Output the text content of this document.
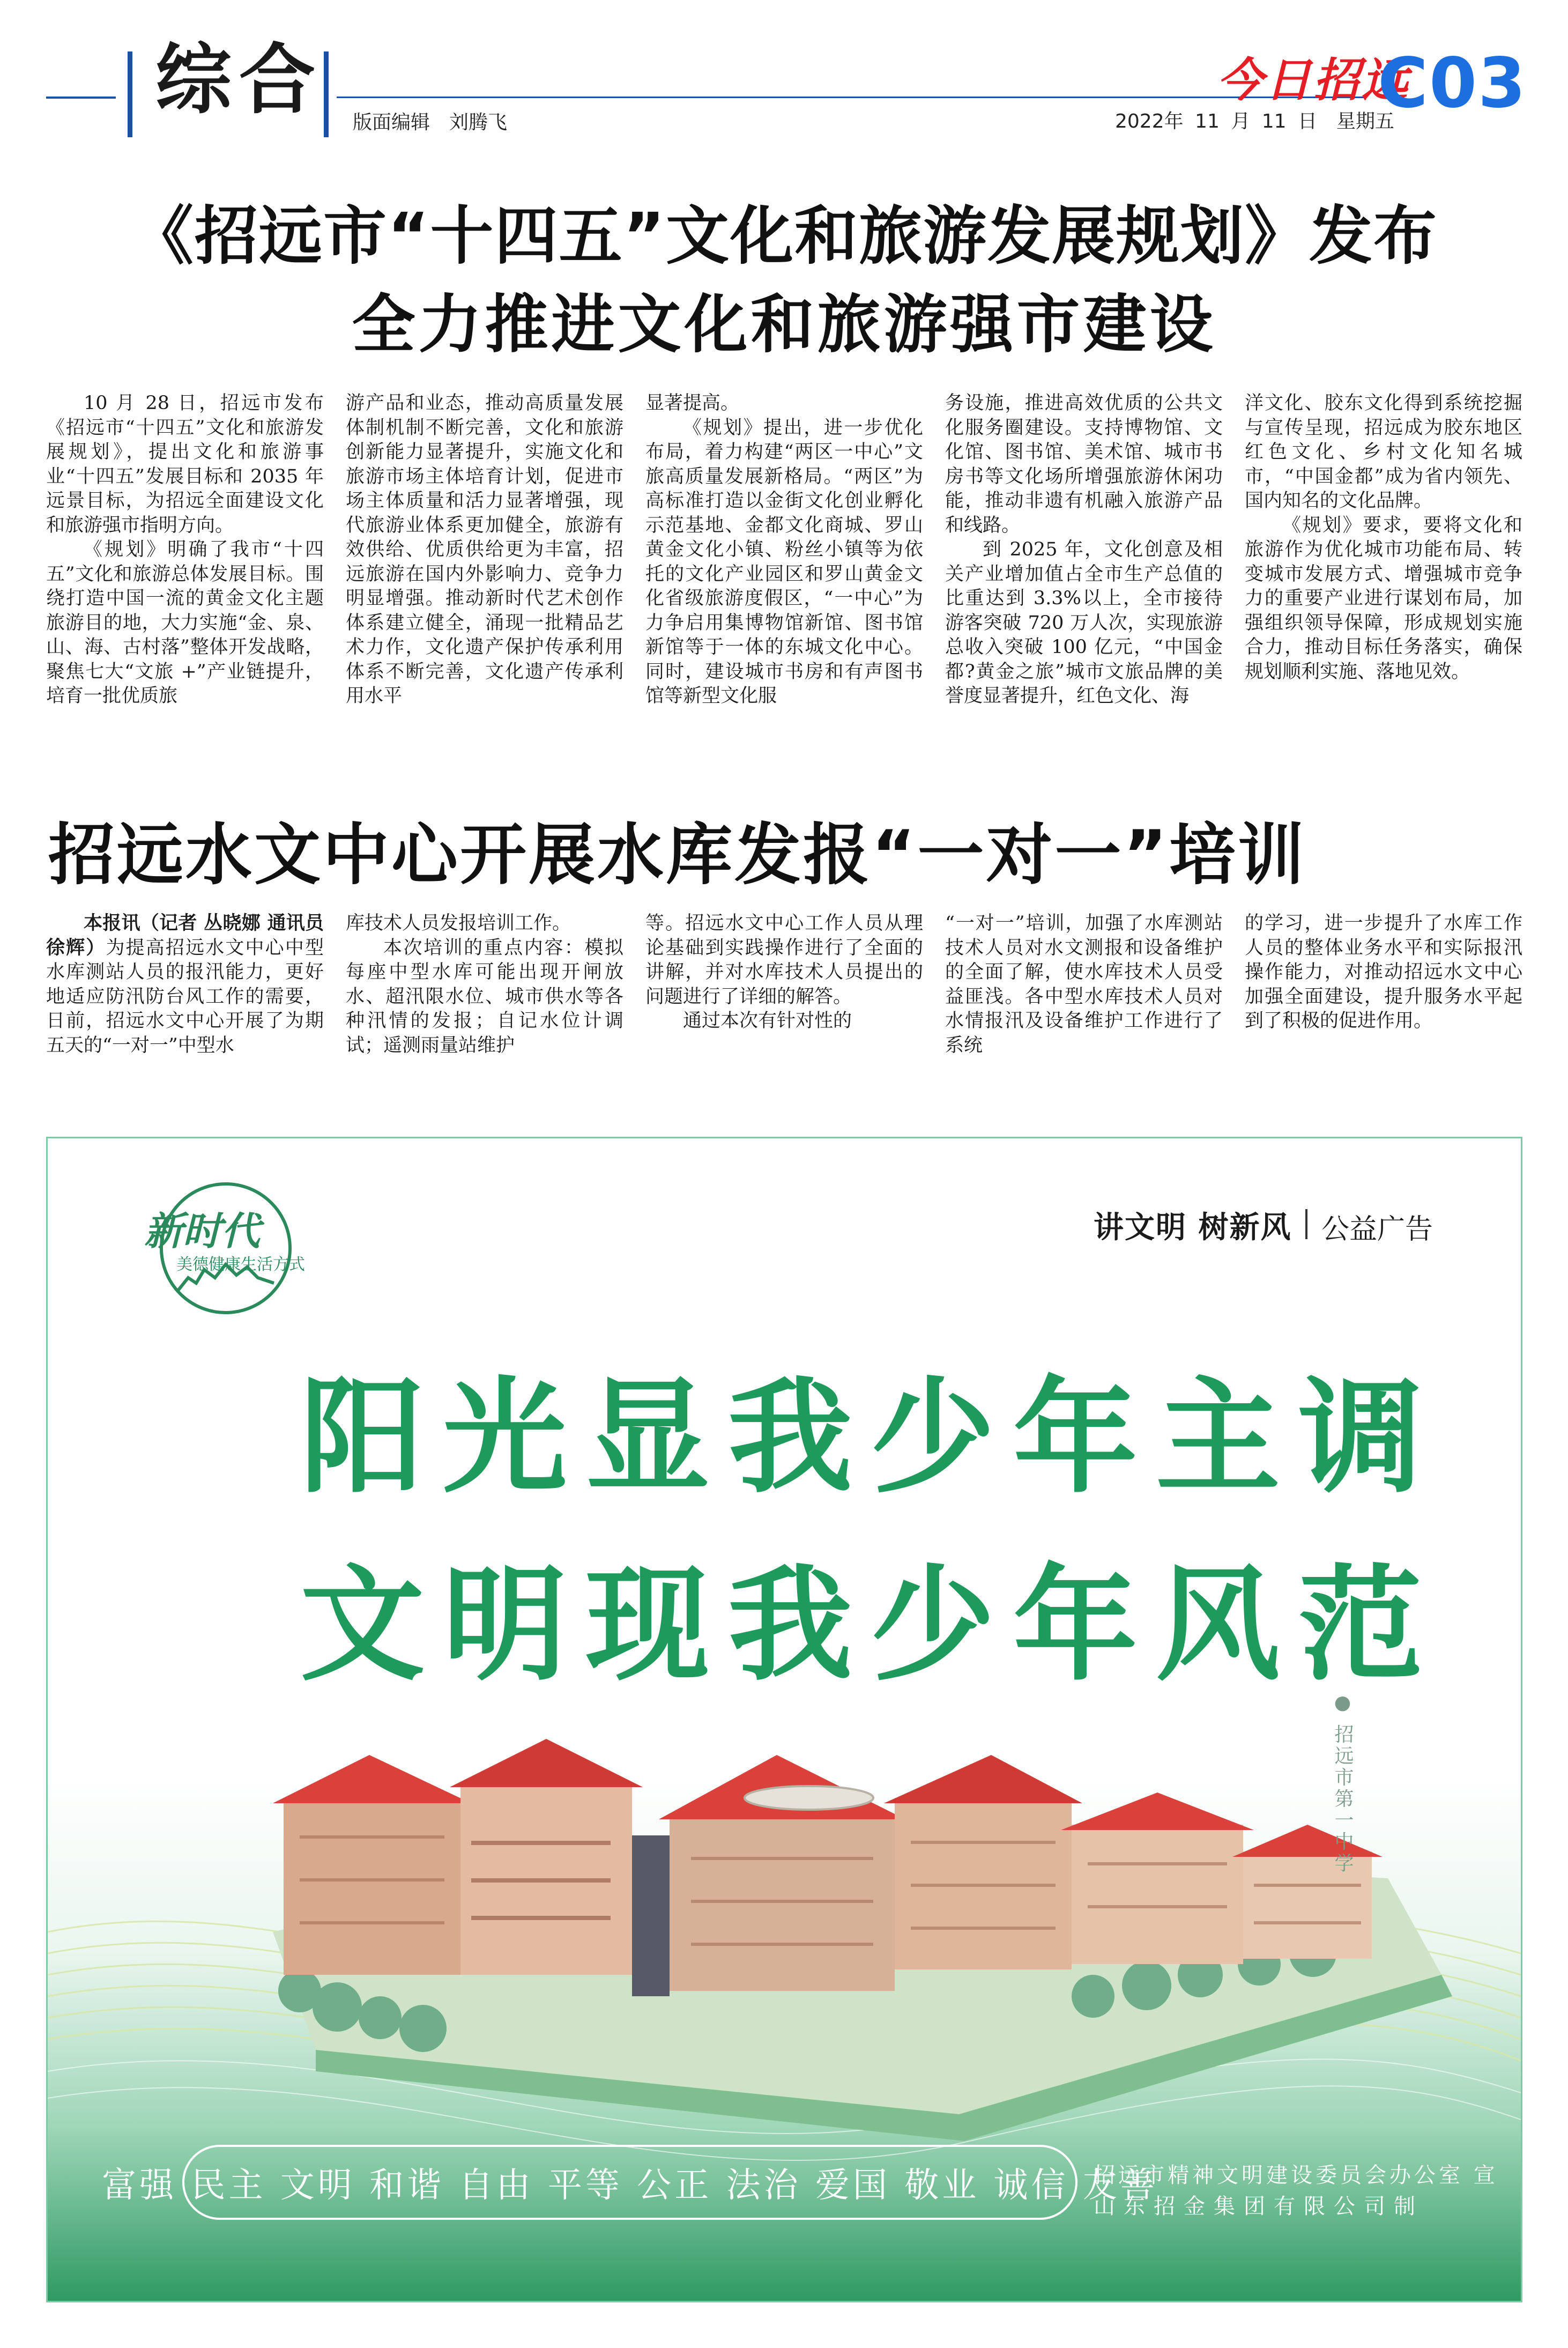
综合 版面编辑　刘腾飞
今日招远
C03
2022年 11 月 11 日　星期五
《招远市“十四五”文化和旅游发展规划》发布
全力推进文化和旅游强市建设

10 月 28 日，招远市发布《招远市“十四五”文化和旅游发展规划》，提出文化和旅游事业“十四五”发展目标和 2035 年远景目标，为招远全面建设文化和旅游强市指明方向。

《规划》明确了我市“十四五”文化和旅游总体发展目标。围绕打造中国一流的黄金文化主题旅游目的地，大力实施“金、泉、山、海、古村落”整体开发战略，聚焦七大“文旅 +”产业链提升，培育一批优质旅

游产品和业态，推动高质量发展体制机制不断完善，文化和旅游创新能力显著提升，实施文化和旅游市场主体培育计划，促进市场主体质量和活力显著增强，现代旅游业体系更加健全，旅游有效供给、优质供给更为丰富，招远旅游在国内外影响力、竞争力明显增强。推动新时代艺术创作体系建立健全，涌现一批精品艺术力作，文化遗产保护传承利用体系不断完善，文化遗产传承利用水平

显著提高。

《规划》提出，进一步优化布局，着力构建“两区一中心”文旅高质量发展新格局。“两区”为高标准打造以金街文化创业孵化示范基地、金都文化商城、罗山黄金文化小镇、粉丝小镇等为依托的文化产业园区和罗山黄金文化省级旅游度假区，“一中心”为力争启用集博物馆新馆、图书馆新馆等于一体的东城文化中心。同时，建设城市书房和有声图书馆等新型文化服

务设施，推进高效优质的公共文化服务圈建设。支持博物馆、文化馆、图书馆、美术馆、城市书房书等文化场所增强旅游休闲功能，推动非遗有机融入旅游产品和线路。

到 2025 年，文化创意及相关产业增加值占全市生产总值的比重达到 3.3%以上，全市接待游客突破 720 万人次，实现旅游总收入突破 100 亿元，“中国金都?黄金之旅”城市文旅品牌的美誉度显著提升，红色文化、海

洋文化、胶东文化得到系统挖掘与宣传呈现，招远成为胶东地区红色文化、乡村文化知名城市，“中国金都”成为省内领先、国内知名的文化品牌。

《规划》要求，要将文化和旅游作为优化城市功能布局、转变城市发展方式、增强城市竞争力的重要产业进行谋划布局，加强组织领导保障，形成规划实施合力，推动目标任务落实，确保规划顺利实施、落地见效。

招远水文中心开展水库发报“一对一”培训

本报讯（记者 丛晓娜 通讯员 徐辉）为提高招远水文中心中型水库测站人员的报汛能力，更好地适应防汛防台风工作的需要，日前，招远水文中心开展了为期五天的“一对一”中型水

库技术人员发报培训工作。

本次培训的重点内容：模拟每座中型水库可能出现开闸放水、超汛限水位、城市供水等各种汛情的发报；自记水位计调试；遥测雨量站维护

等。招远水文中心工作人员从理论基础到实践操作进行了全面的讲解，并对水库技术人员提出的问题进行了详细的解答。

通过本次有针对性的

“一对一”培训，加强了水库测站技术人员对水文测报和设备维护的全面了解，使水库技术人员受益匪浅。各中型水库技术人员对水情报汛及设备维护工作进行了系统

的学习，进一步提升了水库工作人员的整体业务水平和实际报汛操作能力，对推动招远水文中心加强全面建设，提升服务水平起到了积极的促进作用。

新时代
美德健康生活方式
讲文明 树新风 公益广告
阳光显我少年主调
文明现我少年风范
● 招远市第一中学
富强 民主 文明 和谐 自由 平等 公正 法治 爱国 敬业 诚信 友善
招远市精神文明建设委员会办公室 宣
山东招金集团有限公司制
